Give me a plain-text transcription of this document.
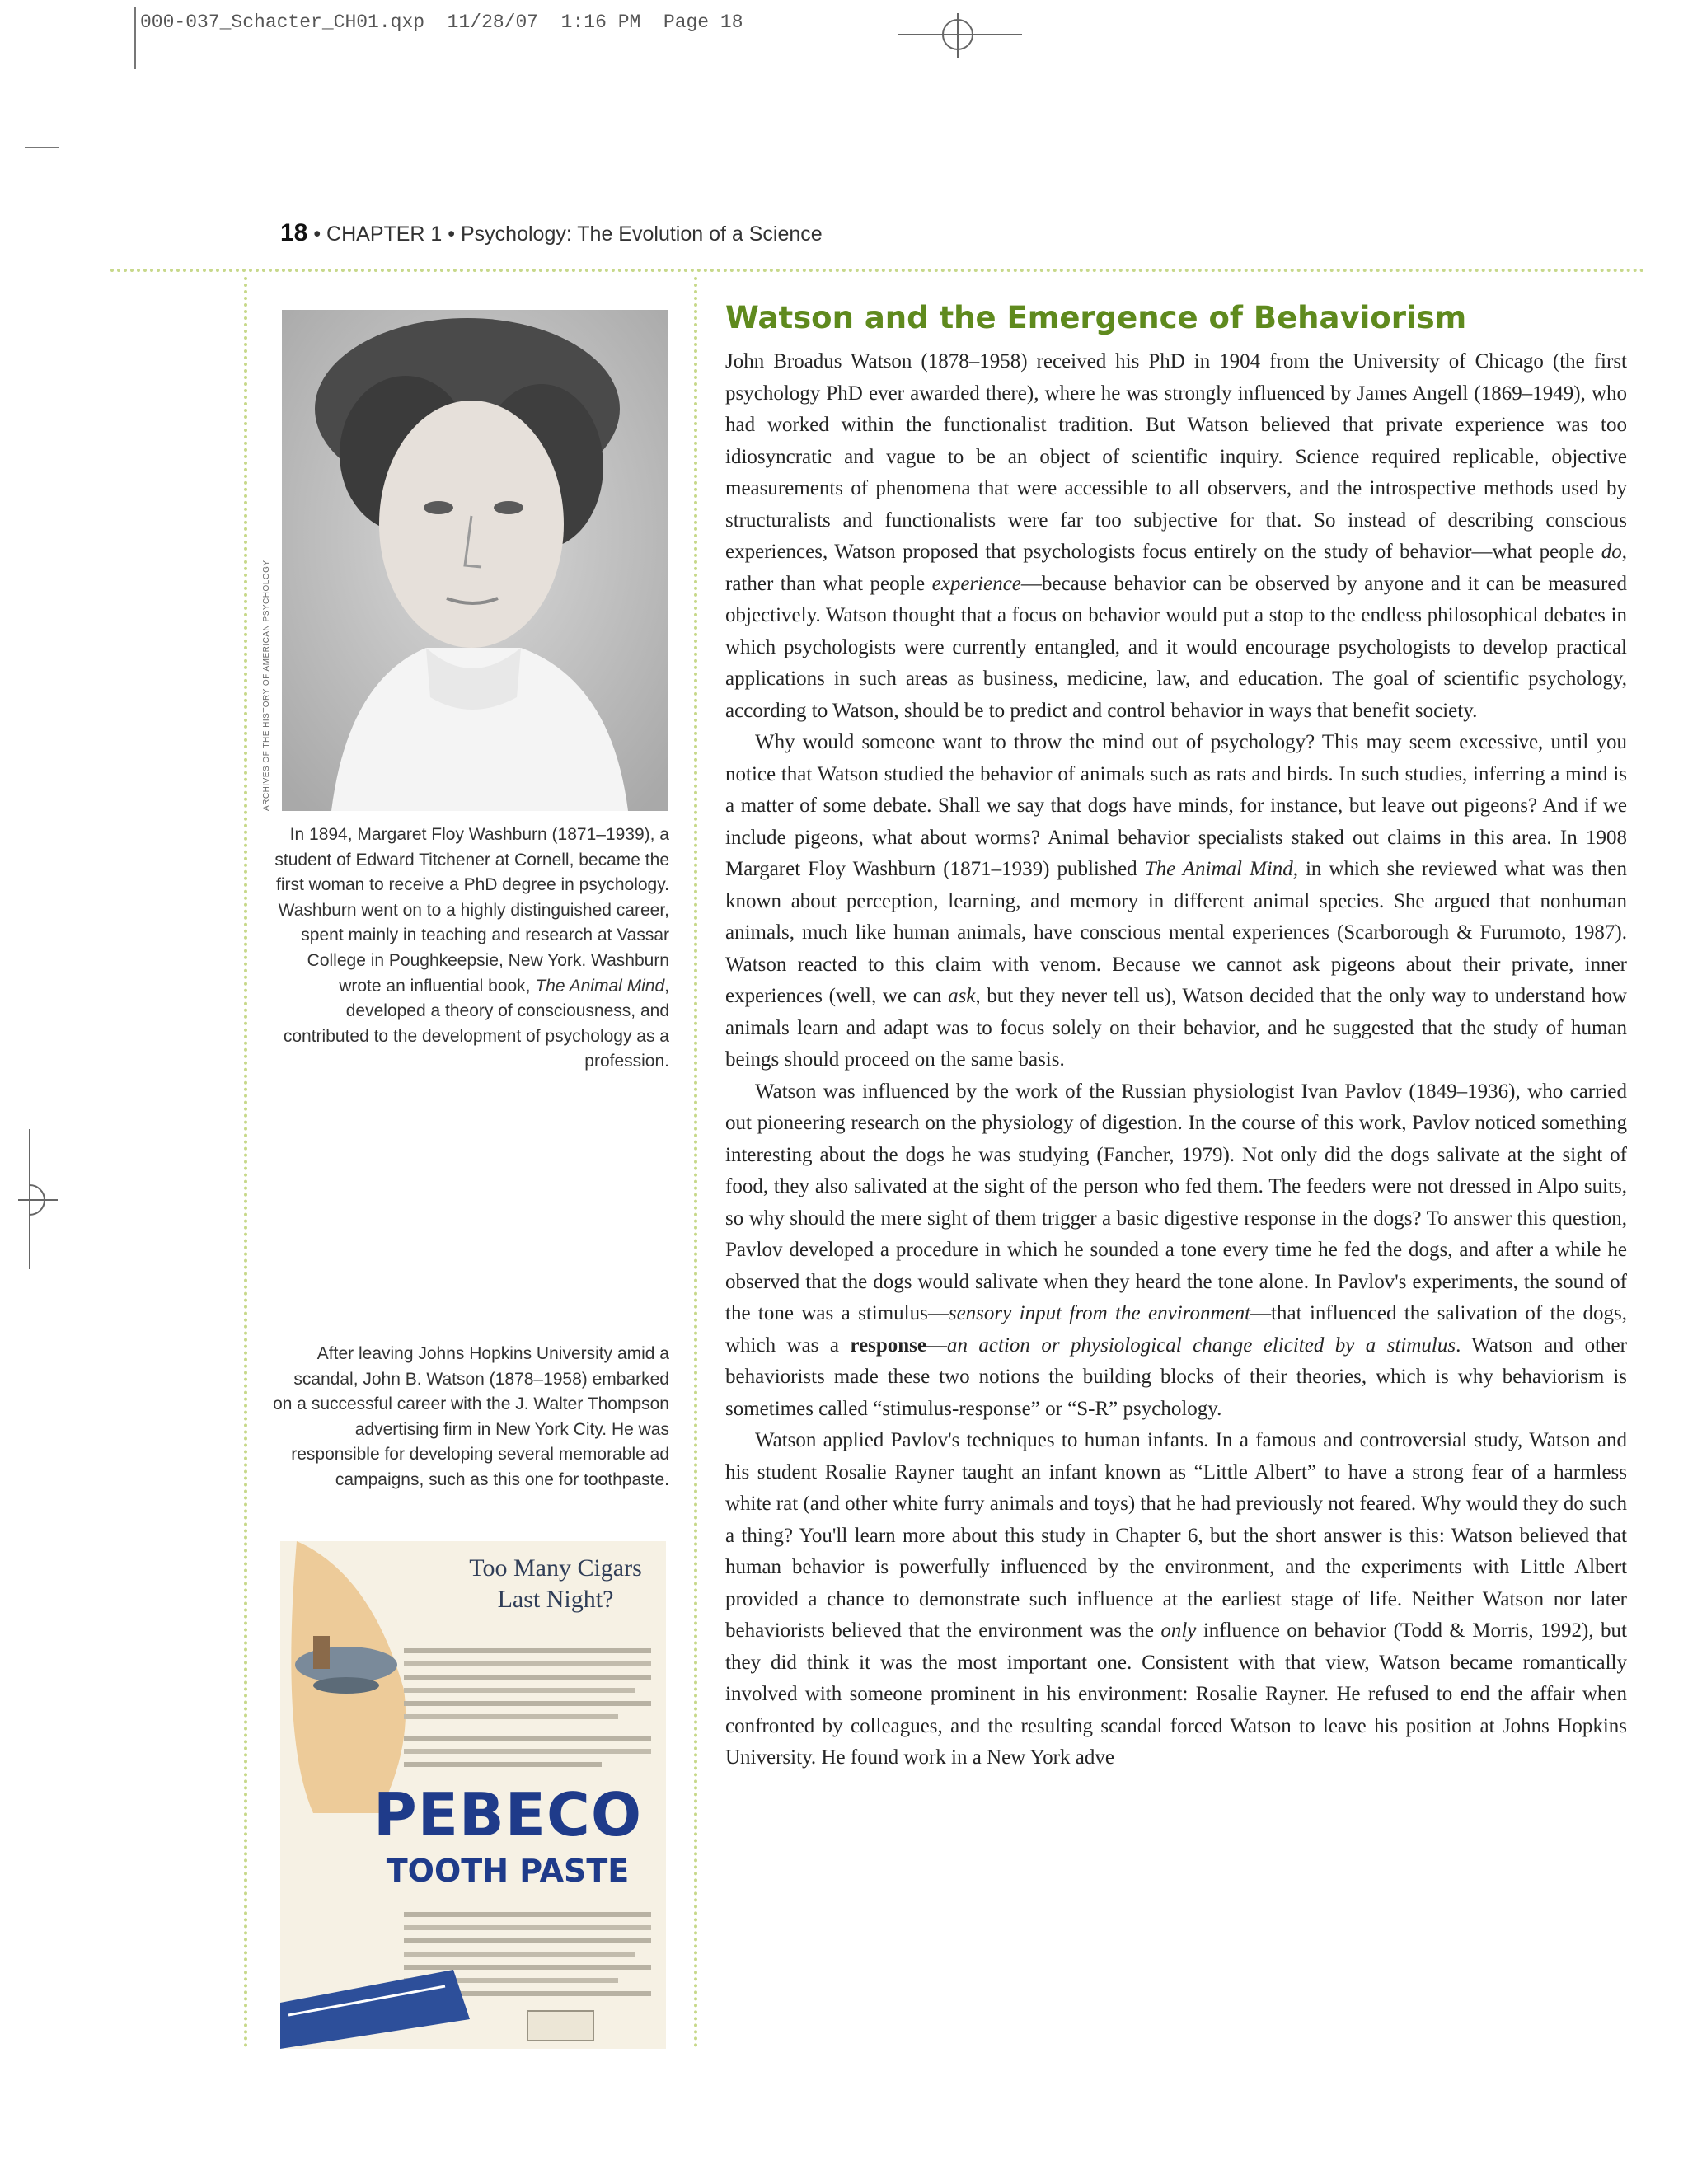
000-037_Schacter_CH01.qxp  11/28/07  1:16 PM  Page 18
18 • CHAPTER 1 • Psychology: The Evolution of a Science
ARCHIVES OF THE HISTORY OF AMERICAN PSYCHOLOGY

In 1894, Margaret Floy Washburn (1871–1939), a student of Edward Titchener at Cornell, became the first woman to receive a PhD degree in psychology. Washburn went on to a highly distinguished career, spent mainly in teaching and research at Vassar College in Poughkeepsie, New York. Washburn wrote an influential book, The Animal Mind, developed a theory of consciousness, and contributed to the development of psychology as a profession.

After leaving Johns Hopkins University amid a scandal, John B. Watson (1878–1958) embarked on a successful career with the J. Walter Thompson advertising firm in New York City. He was responsible for developing several memorable ad campaigns, such as this one for toothpaste.

Too Many Cigars Last Night?
PEBECO
TOOTH PASTE
Watson and the Emergence of Behaviorism

John Broadus Watson (1878–1958) received his PhD in 1904 from the University of Chicago (the first psychology PhD ever awarded there), where he was strongly influenced by James Angell (1869–1949), who had worked within the functionalist tradition. But Watson believed that private experience was too idiosyncratic and vague to be an object of scientific inquiry. Science required replicable, objective measurements of phenomena that were accessible to all observers, and the introspective methods used by structuralists and functionalists were far too subjective for that. So instead of describing conscious experiences, Watson proposed that psychologists focus entirely on the study of behavior—what people do, rather than what people experience—because behavior can be observed by anyone and it can be measured objectively. Watson thought that a focus on behavior would put a stop to the endless philosophical debates in which psychologists were currently entangled, and it would encourage psychologists to develop practical applications in such areas as business, medicine, law, and education. The goal of scientific psychology, according to Watson, should be to predict and control behavior in ways that benefit society.

Why would someone want to throw the mind out of psychology? This may seem excessive, until you notice that Watson studied the behavior of animals such as rats and birds. In such studies, inferring a mind is a matter of some debate. Shall we say that dogs have minds, for instance, but leave out pigeons? And if we include pigeons, what about worms? Animal behavior specialists staked out claims in this area. In 1908 Margaret Floy Washburn (1871–1939) published The Animal Mind, in which she reviewed what was then known about perception, learning, and memory in different animal species. She argued that nonhuman animals, much like human animals, have conscious mental experiences (Scarborough & Furumoto, 1987). Watson reacted to this claim with venom. Because we cannot ask pigeons about their private, inner experiences (well, we can ask, but they never tell us), Watson decided that the only way to understand how animals learn and adapt was to focus solely on their behavior, and he suggested that the study of human beings should proceed on the same basis.

Watson was influenced by the work of the Russian physiologist Ivan Pavlov (1849–1936), who carried out pioneering research on the physiology of digestion. In the course of this work, Pavlov noticed something interesting about the dogs he was studying (Fancher, 1979). Not only did the dogs salivate at the sight of food, they also salivated at the sight of the person who fed them. The feeders were not dressed in Alpo suits, so why should the mere sight of them trigger a basic digestive response in the dogs? To answer this question, Pavlov developed a procedure in which he sounded a tone every time he fed the dogs, and after a while he observed that the dogs would salivate when they heard the tone alone. In Pavlov's experiments, the sound of the tone was a stimulus—sensory input from the environment—that influenced the salivation of the dogs, which was a response—an action or physiological change elicited by a stimulus. Watson and other behaviorists made these two notions the building blocks of their theories, which is why behaviorism is sometimes called “stimulus-response” or “S-R” psychology.

Watson applied Pavlov's techniques to human infants. In a famous and controversial study, Watson and his student Rosalie Rayner taught an infant known as “Little Albert” to have a strong fear of a harmless white rat (and other white furry animals and toys) that he had previously not feared. Why would they do such a thing? You'll learn more about this study in Chapter 6, but the short answer is this: Watson believed that human behavior is powerfully influenced by the environment, and the experiments with Little Albert provided a chance to demonstrate such influence at the earliest stage of life. Neither Watson nor later behaviorists believed that the environment was the only influence on behavior (Todd & Morris, 1992), but they did think it was the most important one. Consistent with that view, Watson became romantically involved with someone prominent in his environment: Rosalie Rayner. He refused to end the affair when confronted by colleagues, and the resulting scandal forced Watson to leave his position at Johns Hopkins University. He found work in a New York adve
